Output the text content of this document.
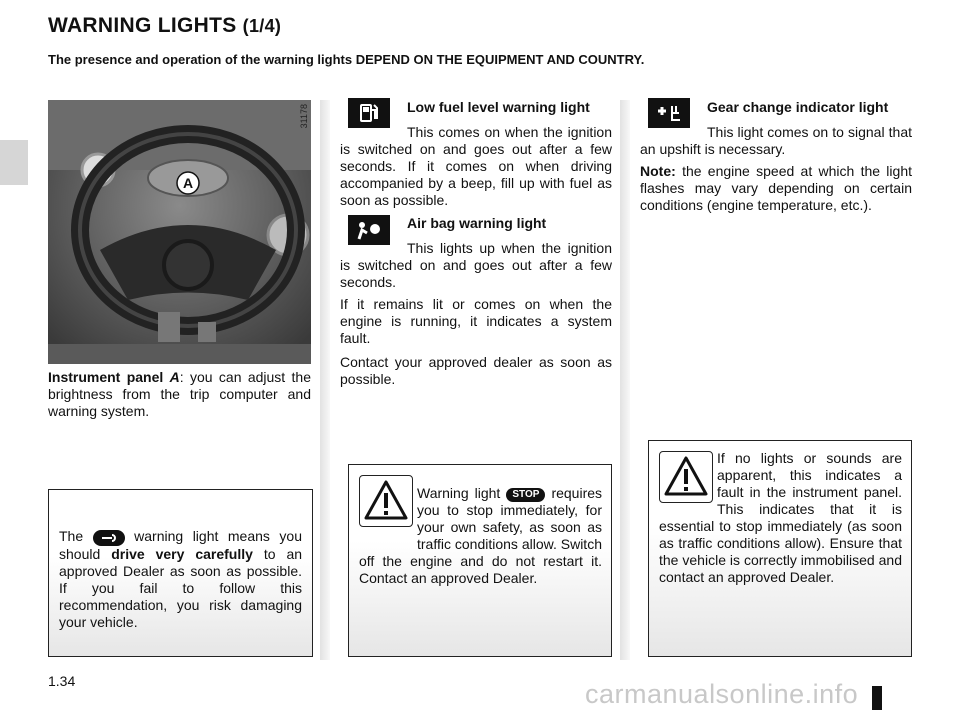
WARNING LIGHTS (1/4)
The presence and operation of the warning lights DEPEND ON THE EQUIPMENT AND COUNTRY.
A
31178
Instrument panel A: you can adjust the brightness from the trip computer and warning system.
The	warning light means you should drive very carefully to an approved Dealer as soon as possible. If you fail to follow this recommendation, you risk damaging your vehicle.
Low fuel level warning light
This comes on when the ignition is switched on and goes out after a few seconds. If it comes on when driving accompanied by a beep, fill up with fuel as soon as possible.
Air bag warning light
This lights up when the ignition is switched on and goes out after a few seconds.
If it remains lit or comes on when the engine is running, it indicates a system fault.
Contact your approved dealer as soon as possible.
Warning light STOP requires you to stop immediately, for your own safety, as soon as traffic conditions allow. Switch off the engine and do not restart it. Contact an approved Dealer.
Gear change indicator light
This light comes on to signal that an upshift is necessary.
Note: the engine speed at which the light flashes may vary depending on certain conditions (engine temperature, etc.).
If no lights or sounds are apparent, this indicates a fault in the instrument panel. This indicates that it is essential to stop immediately (as soon as traffic conditions allow). Ensure that the vehicle is correctly immobilised and contact an approved Dealer.
1.34	carmanualsonline.info
